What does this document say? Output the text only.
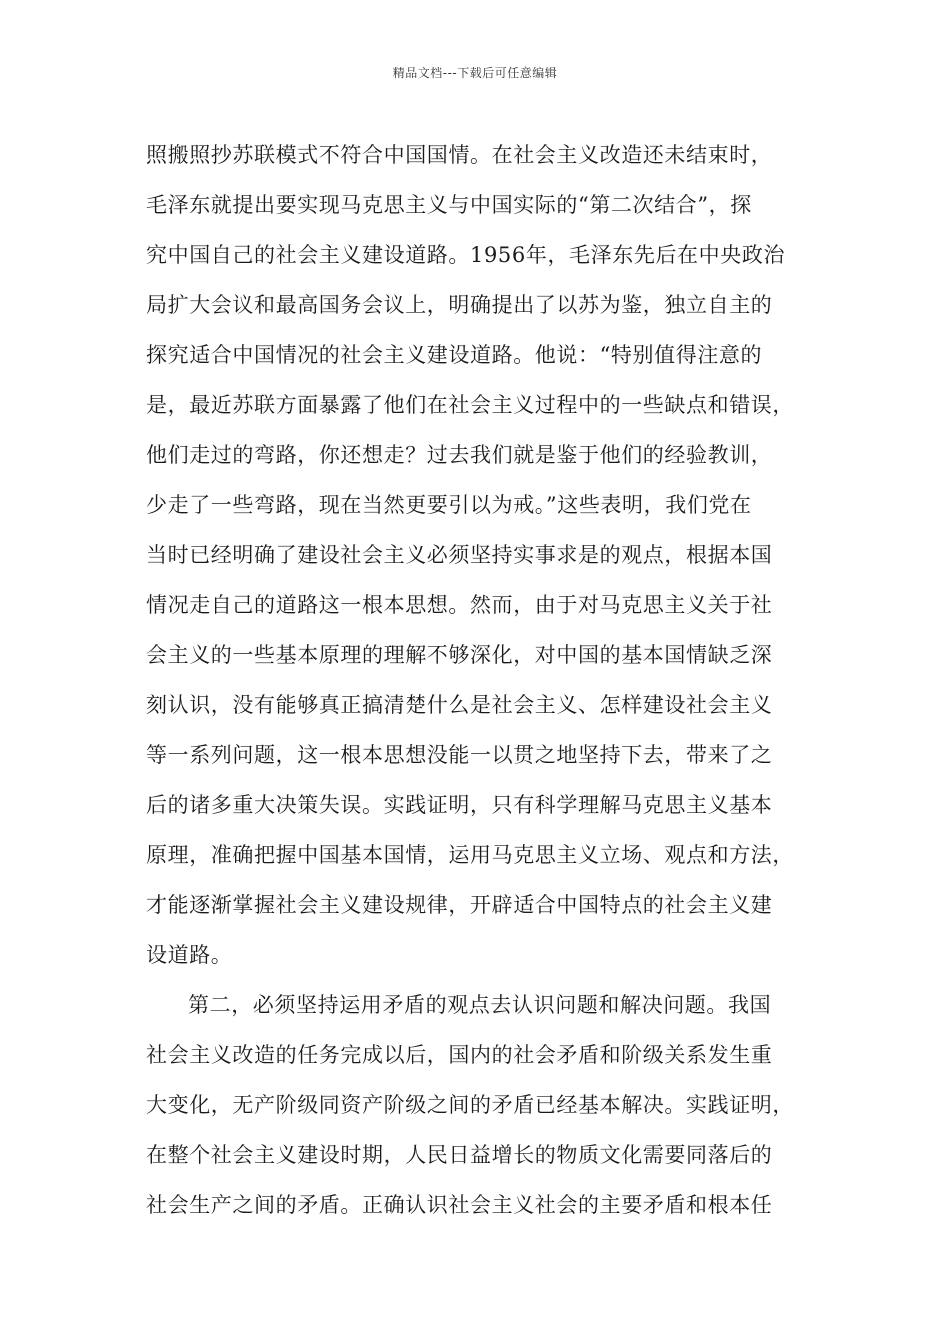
精品文档---下载后可任意编辑
照搬照抄苏联模式不符合中国国情。在社会主义改造还未结束时，
毛泽东就提出要实现马克思主义与中国实际的“第二次结合”，探
究中国自己的社会主义建设道路。1956年，毛泽东先后在中央政治
局扩大会议和最高国务会议上，明确提出了以苏为鉴，独立自主的
探究适合中国情况的社会主义建设道路。他说：“特别值得注意的
是，最近苏联方面暴露了他们在社会主义过程中的一些缺点和错误，
他们走过的弯路，你还想走？过去我们就是鉴于他们的经验教训，
少走了一些弯路，现在当然更要引以为戒。”这些表明，我们党在
当时已经明确了建设社会主义必须坚持实事求是的观点，根据本国
情况走自己的道路这一根本思想。然而，由于对马克思主义关于社
会主义的一些基本原理的理解不够深化，对中国的基本国情缺乏深
刻认识，没有能够真正搞清楚什么是社会主义、怎样建设社会主义
等一系列问题，这一根本思想没能一以贯之地坚持下去，带来了之
后的诸多重大决策失误。实践证明，只有科学理解马克思主义基本
原理，准确把握中国基本国情，运用马克思主义立场、观点和方法，
才能逐渐掌握社会主义建设规律，开辟适合中国特点的社会主义建
设道路。
第二，必须坚持运用矛盾的观点去认识问题和解决问题。我国
社会主义改造的任务完成以后，国内的社会矛盾和阶级关系发生重
大变化，无产阶级同资产阶级之间的矛盾已经基本解决。实践证明，
在整个社会主义建设时期，人民日益增长的物质文化需要同落后的
社会生产之间的矛盾。正确认识社会主义社会的主要矛盾和根本任
